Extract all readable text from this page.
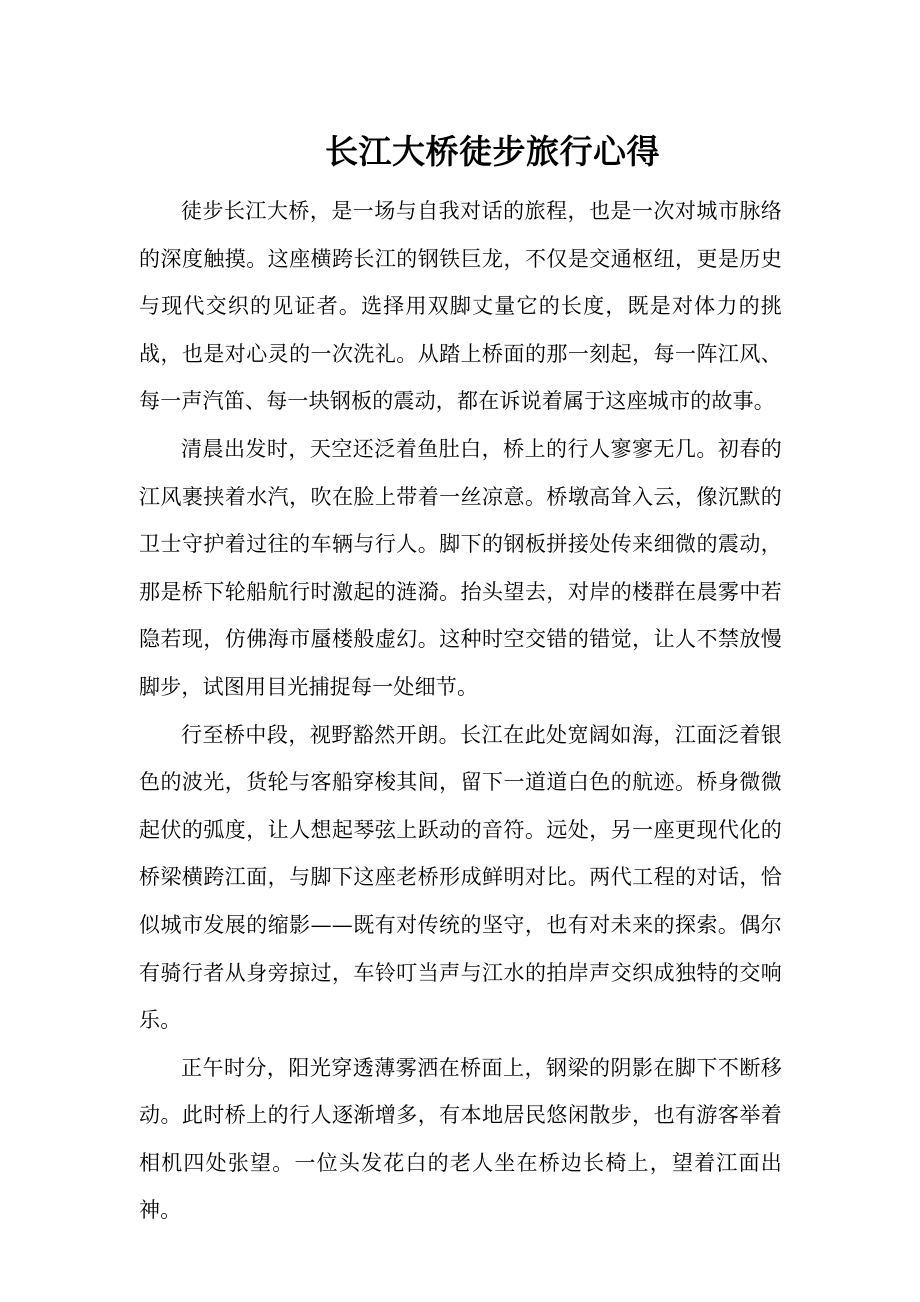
长江大桥徒步旅行心得

徒步长江大桥，是一场与自我对话的旅程，也是一次对城市脉络的深度触摸。这座横跨长江的钢铁巨龙，不仅是交通枢纽，更是历史与现代交织的见证者。选择用双脚丈量它的长度，既是对体力的挑战，也是对心灵的一次洗礼。从踏上桥面的那一刻起，每一阵江风、每一声汽笛、每一块钢板的震动，都在诉说着属于这座城市的故事。

清晨出发时，天空还泛着鱼肚白，桥上的行人寥寥无几。初春的江风裹挟着水汽，吹在脸上带着一丝凉意。桥墩高耸入云，像沉默的卫士守护着过往的车辆与行人。脚下的钢板拼接处传来细微的震动，那是桥下轮船航行时激起的涟漪。抬头望去，对岸的楼群在晨雾中若隐若现，仿佛海市蜃楼般虚幻。这种时空交错的错觉，让人不禁放慢脚步，试图用目光捕捉每一处细节。

行至桥中段，视野豁然开朗。长江在此处宽阔如海，江面泛着银色的波光，货轮与客船穿梭其间，留下一道道白色的航迹。桥身微微起伏的弧度，让人想起琴弦上跃动的音符。远处，另一座更现代化的桥梁横跨江面，与脚下这座老桥形成鲜明对比。两代工程的对话，恰似城市发展的缩影——既有对传统的坚守，也有对未来的探索。偶尔有骑行者从身旁掠过，车铃叮当声与江水的拍岸声交织成独特的交响乐。

正午时分，阳光穿透薄雾洒在桥面上，钢梁的阴影在脚下不断移动。此时桥上的行人逐渐增多，有本地居民悠闲散步，也有游客举着相机四处张望。一位头发花白的老人坐在桥边长椅上，望着江面出神。
